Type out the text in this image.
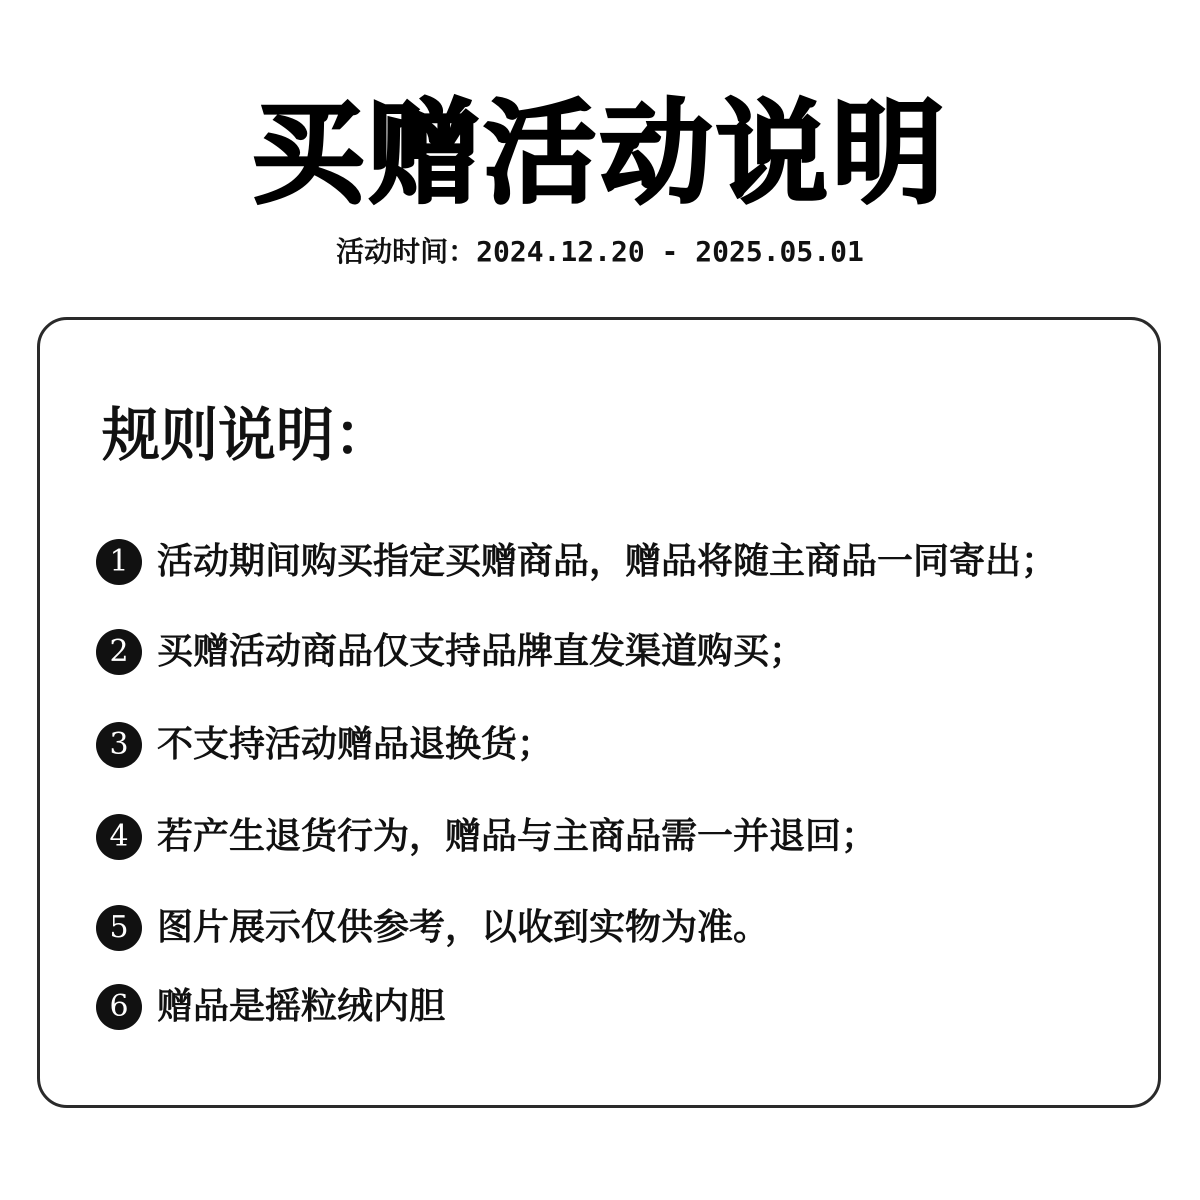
买赠活动说明
活动时间：2024.12.20 - 2025.05.01
规则说明：
1 活动期间购买指定买赠商品，赠品将随主商品一同寄出；
2 买赠活动商品仅支持品牌直发渠道购买；
3 不支持活动赠品退换货；
4 若产生退货行为，赠品与主商品需一并退回；
5 图片展示仅供参考，以收到实物为准。
6 赠品是摇粒绒内胆
